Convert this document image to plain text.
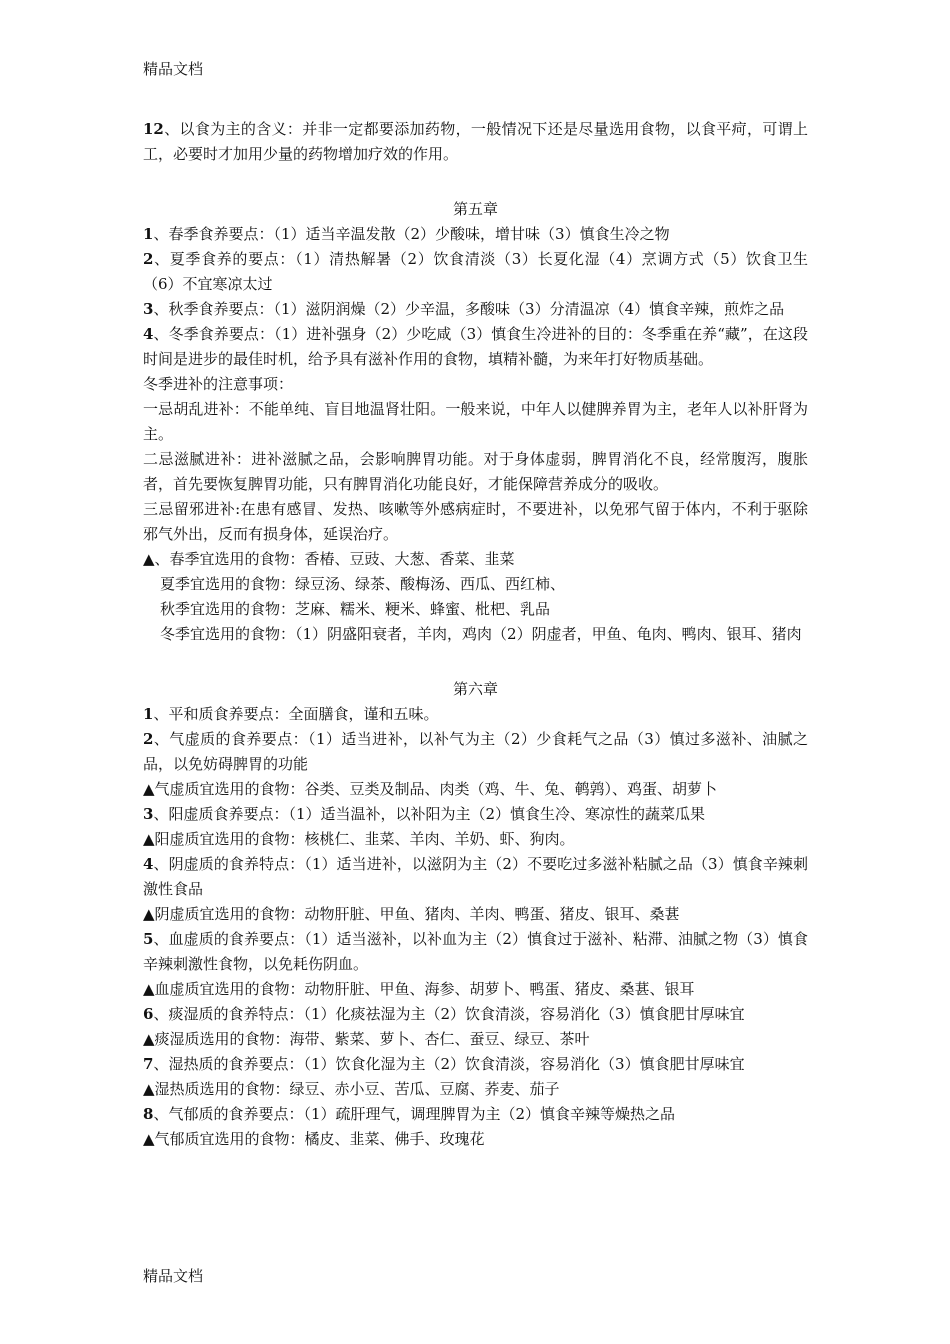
精品文档

12、以食为主的含义：并非一定都要添加药物，一般情况下还是尽量选用食物，以食平疴，可谓上工，必要时才加用少量的药物增加疗效的作用。

第五章

1、春季食养要点：（1）适当辛温发散（2）少酸味，增甘味（3）慎食生冷之物

2、夏季食养的要点：（1）清热解暑（2）饮食清淡（3）长夏化湿（4）烹调方式（5）饮食卫生（6）不宜寒凉太过

3、秋季食养要点：（1）滋阴润燥（2）少辛温，多酸味（3）分清温凉（4）慎食辛辣，煎炸之品

4、冬季食养要点：（1）进补强身（2）少吃咸（3）慎食生冷进补的目的：冬季重在养“藏”，在这段时间是进步的最佳时机，给予具有滋补作用的食物，填精补髓，为来年打好物质基础。

冬季进补的注意事项：

一忌胡乱进补：不能单纯、盲目地温肾壮阳。一般来说，中年人以健脾养胃为主，老年人以补肝肾为主。

二忌滋腻进补：进补滋腻之品，会影响脾胃功能。对于身体虚弱，脾胃消化不良，经常腹泻，腹胀者，首先要恢复脾胃功能，只有脾胃消化功能良好，才能保障营养成分的吸收。

三忌留邪进补:在患有感冒、发热、咳嗽等外感病症时，不要进补，以免邪气留于体内，不利于驱除邪气外出，反而有损身体，延误治疗。

▲、春季宜选用的食物：香椿、豆豉、大葱、香菜、韭菜

夏季宜选用的食物：绿豆汤、绿茶、酸梅汤、西瓜、西红柿、

秋季宜选用的食物：芝麻、糯米、粳米、蜂蜜、枇杷、乳品

冬季宜选用的食物：（1）阴盛阳衰者，羊肉，鸡肉（2）阴虚者，甲鱼、龟肉、鸭肉、银耳、猪肉

第六章

1、平和质食养要点：全面膳食，谨和五味。

2、气虚质的食养要点：（1）适当进补，以补气为主（2）少食耗气之品（3）慎过多滋补、油腻之品，以免妨碍脾胃的功能

▲气虚质宜选用的食物：谷类、豆类及制品、肉类（鸡、牛、兔、鹌鹑）、鸡蛋、胡萝卜

3、阳虚质食养要点：（1）适当温补，以补阳为主（2）慎食生冷、寒凉性的蔬菜瓜果

▲阳虚质宜选用的食物：核桃仁、韭菜、羊肉、羊奶、虾、狗肉。

4、阴虚质的食养特点：（1）适当进补，以滋阴为主（2）不要吃过多滋补粘腻之品（3）慎食辛辣刺激性食品

▲阴虚质宜选用的食物：动物肝脏、甲鱼、猪肉、羊肉、鸭蛋、猪皮、银耳、桑葚

5、血虚质的食养要点：（1）适当滋补，以补血为主（2）慎食过于滋补、粘滞、油腻之物（3）慎食辛辣刺激性食物，以免耗伤阴血。

▲血虚质宜选用的食物：动物肝脏、甲鱼、海参、胡萝卜、鸭蛋、猪皮、桑葚、银耳

6、痰湿质的食养特点：（1）化痰祛湿为主（2）饮食清淡，容易消化（3）慎食肥甘厚味宜

▲痰湿质选用的食物：海带、紫菜、萝卜、杏仁、蚕豆、绿豆、茶叶

7、湿热质的食养要点：（1）饮食化湿为主（2）饮食清淡，容易消化（3）慎食肥甘厚味宜

▲湿热质选用的食物：绿豆、赤小豆、苦瓜、豆腐、荞麦、茄子

8、气郁质的食养要点：（1）疏肝理气，调理脾胃为主（2）慎食辛辣等燥热之品

▲气郁质宜选用的食物：橘皮、韭菜、佛手、玫瑰花

精品文档
